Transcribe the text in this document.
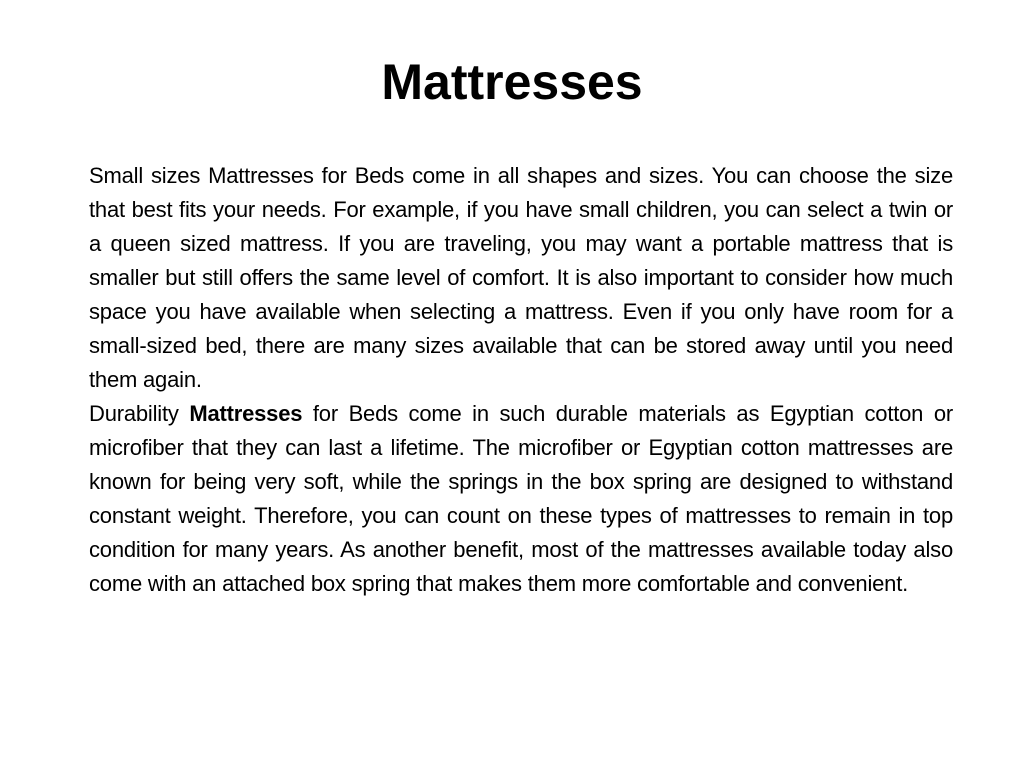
Mattresses

Small sizes Mattresses for Beds come in all shapes and sizes. You can choose the size that best fits your needs. For example, if you have small children, you can select a twin or a queen sized mattress. If you are traveling, you may want a portable mattress that is smaller but still offers the same level of comfort. It is also important to consider how much space you have available when selecting a mattress. Even if you only have room for a small-sized bed, there are many sizes available that can be stored away until you need them again.

Durability Mattresses for Beds come in such durable materials as Egyptian cotton or microfiber that they can last a lifetime. The microfiber or Egyptian cotton mattresses are known for being very soft, while the springs in the box spring are designed to withstand constant weight. Therefore, you can count on these types of mattresses to remain in top condition for many years. As another benefit, most of the mattresses available today also come with an attached box spring that makes them more comfortable and convenient.
